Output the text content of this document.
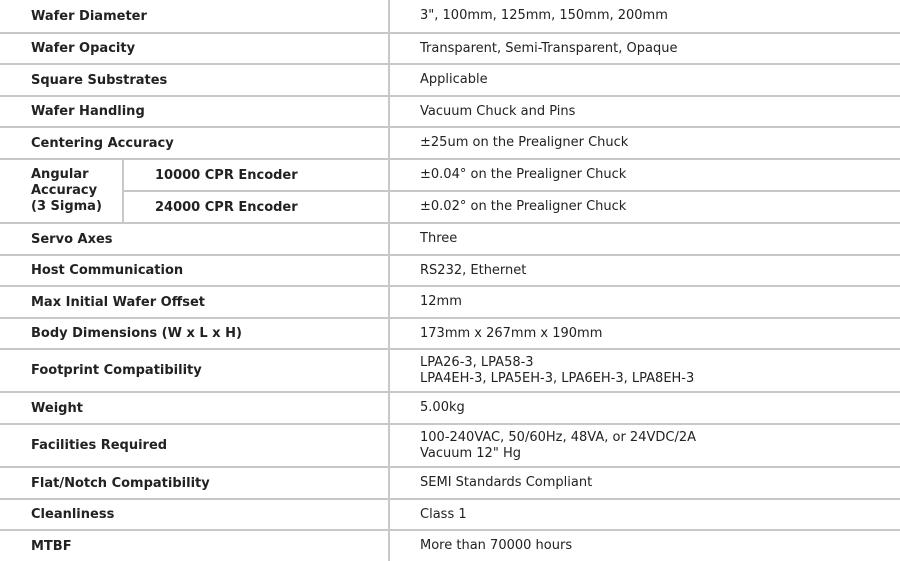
Wafer Diameter		3", 100mm, 125mm, 150mm, 200mm
Wafer Opacity		Transparent, Semi-Transparent, Opaque
Square Substrates		Applicable
Wafer Handling		Vacuum Chuck and Pins
Centering Accuracy		±25um on the Prealigner Chuck

Angular
Accuracy
(3 Sigma)	10000 CPR Encoder	±0.04° on the Prealigner Chuck
	24000 CPR Encoder	±0.02° on the Prealigner Chuck
Servo Axes		Three
Host Communication		RS232, Ethernet
Max Initial Wafer Offset		12mm
Body Dimensions (W x L x H)		173mm x 267mm x 190mm
Footprint Compatibility		LPA26-3, LPA58-3
LPA4EH-3, LPA5EH-3, LPA6EH-3, LPA8EH-3

Weight		5.00kg
Facilities Required		100-240VAC, 50/60Hz, 48VA, or 24VDC/2A
Vacuum 12" Hg

Flat/Notch Compatibility		SEMI Standards Compliant
Cleanliness		Class 1
MTBF		More than 70000 hours
